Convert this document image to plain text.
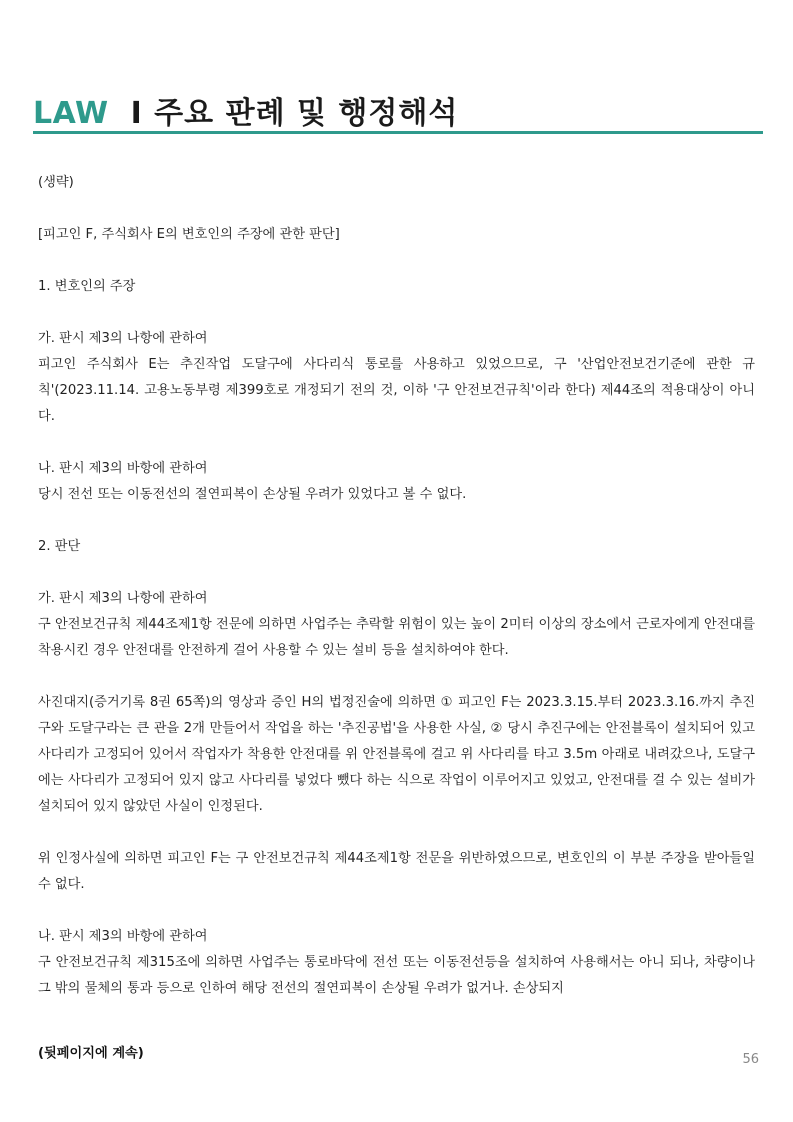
LAW I 주요 판례 및 행정해석

(생략)

[피고인 F, 주식회사 E의 변호인의 주장에 관한 판단]

1. 변호인의 주장

가. 판시 제3의 나항에 관하여

피고인 주식회사 E는 추진작업 도달구에 사다리식 통로를 사용하고 있었으므로, 구 '산업안전보건기준에 관한 규칙'(2023.11.14. 고용노동부령 제399호로 개정되기 전의 것, 이하 '구 안전보건규칙'이라 한다) 제44조의 적용대상이 아니다.

나. 판시 제3의 바항에 관하여

당시 전선 또는 이동전선의 절연피복이 손상될 우려가 있었다고 볼 수 없다.

2. 판단

가. 판시 제3의 나항에 관하여

구 안전보건규칙 제44조제1항 전문에 의하면 사업주는 추락할 위험이 있는 높이 2미터 이상의 장소에서 근로자에게 안전대를 착용시킨 경우 안전대를 안전하게 걸어 사용할 수 있는 설비 등을 설치하여야 한다.

사진대지(증거기록 8권 65쪽)의 영상과 증인 H의 법정진술에 의하면 ① 피고인 F는 2023.3.15.부터 2023.3.16.까지 추진구와 도달구라는 큰 관을 2개 만들어서 작업을 하는 '추진공법'을 사용한 사실, ② 당시 추진구에는 안전블록이 설치되어 있고 사다리가 고정되어 있어서 작업자가 착용한 안전대를 위 안전블록에 걸고 위 사다리를 타고 3.5m 아래로 내려갔으나, 도달구에는 사다리가 고정되어 있지 않고 사다리를 넣었다 뺐다 하는 식으로 작업이 이루어지고 있었고, 안전대를 걸 수 있는 설비가 설치되어 있지 않았던 사실이 인정된다.

위 인정사실에 의하면 피고인 F는 구 안전보건규칙 제44조제1항 전문을 위반하였으므로, 변호인의 이 부분 주장을 받아들일 수 없다.

나. 판시 제3의 바항에 관하여

구 안전보건규칙 제315조에 의하면 사업주는 통로바닥에 전선 또는 이동전선등을 설치하여 사용해서는 아니 되나, 차량이나 그 밖의 물체의 통과 등으로 인하여 해당 전선의 절연피복이 손상될 우려가 없거나. 손상되지

(뒷페이지에 계속)	56
